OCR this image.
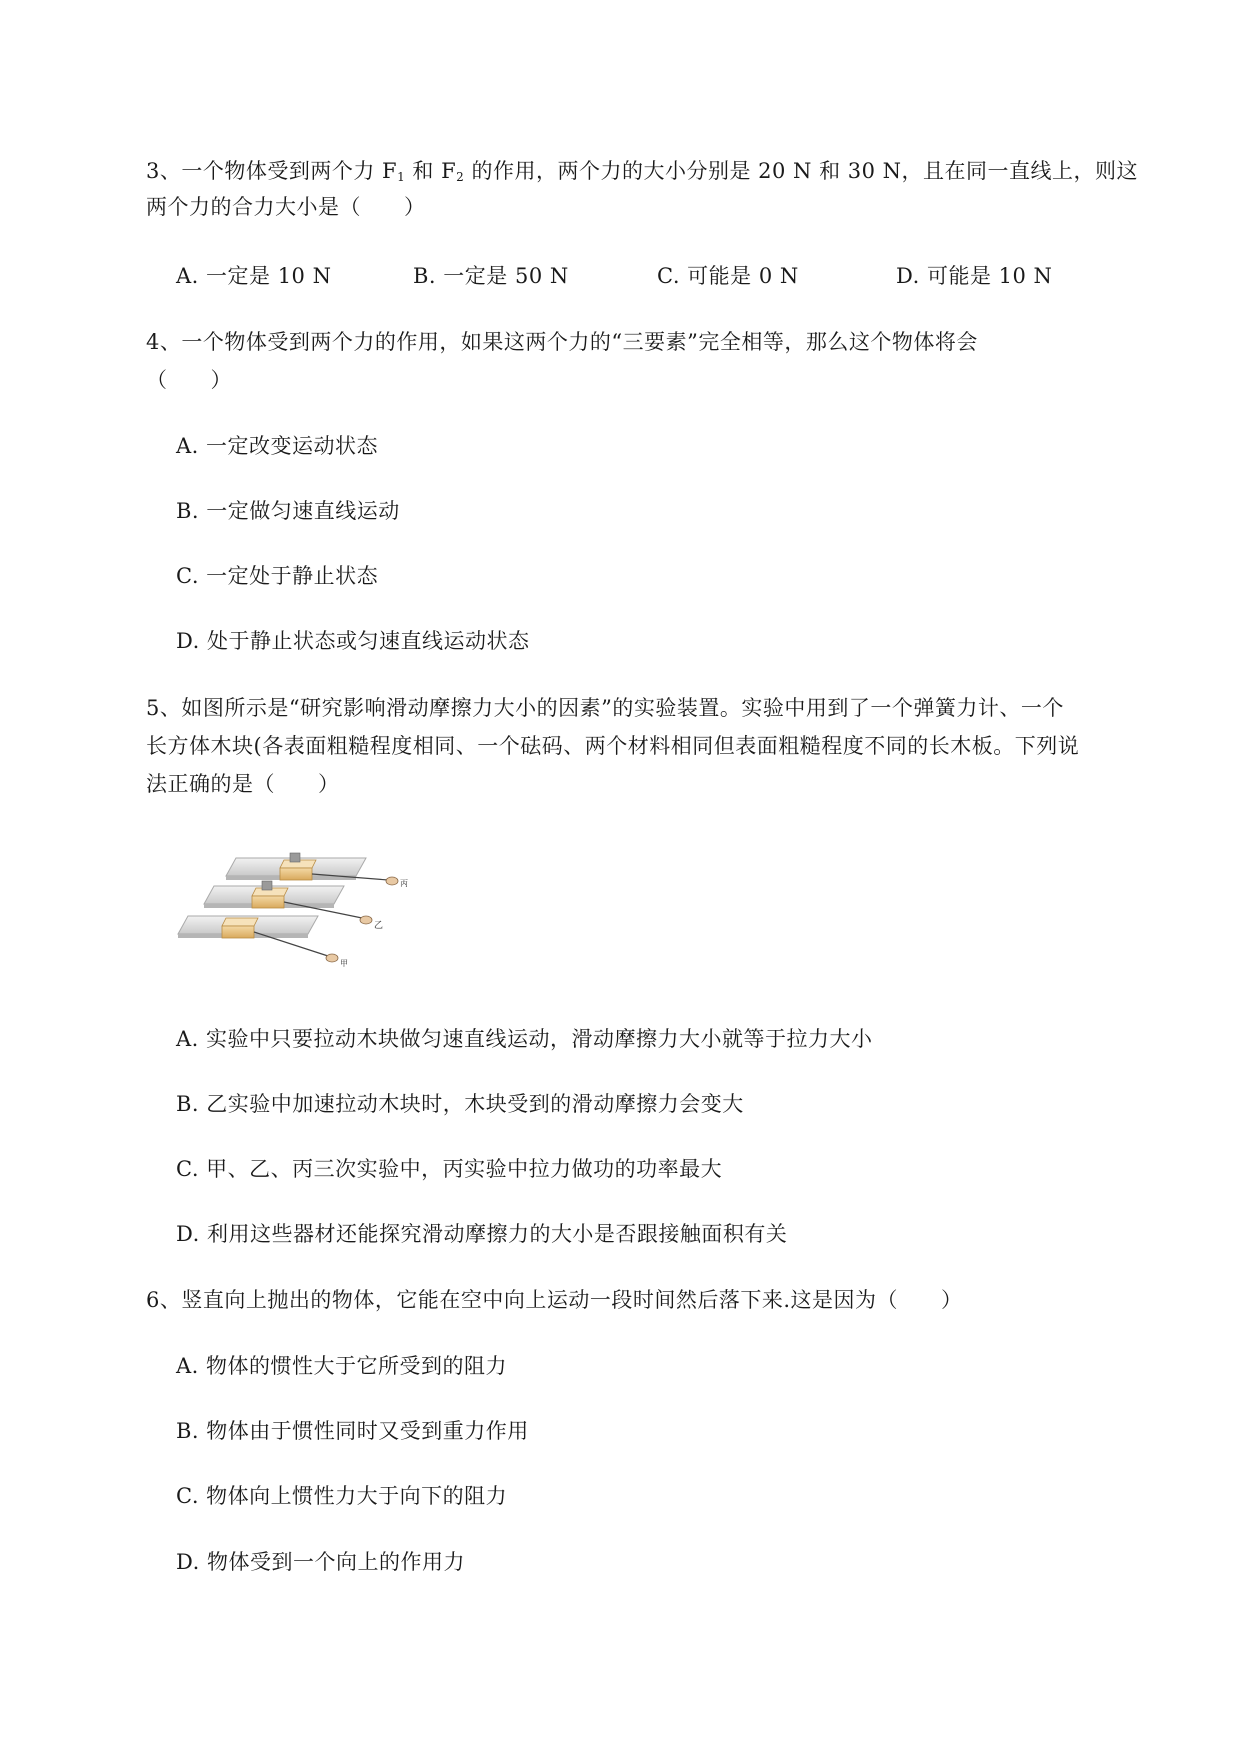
3、一个物体受到两个力 $F_1$ 和 $F_2$ 的作用，两个力的大小分别是 20 N 和 30 N，且在同一直线上，则这
两个力的合力大小是（　　）
A. 一定是 10 N	B. 一定是 50 N	C. 可能是 0 N	D. 可能是 10 N
4、一个物体受到两个力的作用，如果这两个力的“三要素”完全相等，那么这个物体将会
（　　）
A. 一定改变运动状态
B. 一定做匀速直线运动
C. 一定处于静止状态
D. 处于静止状态或匀速直线运动状态
5、如图所示是“研究影响滑动摩擦力大小的因素”的实验装置。实验中用到了一个弹簧力计、一个
长方体木块(各表面粗糙程度相同、一个砝码、两个材料相同但表面粗糙程度不同的长木板。下列说
法正确的是（　　）
丙
乙
甲
A. 实验中只要拉动木块做匀速直线运动，滑动摩擦力大小就等于拉力大小
B. 乙实验中加速拉动木块时，木块受到的滑动摩擦力会变大
C. 甲、乙、丙三次实验中，丙实验中拉力做功的功率最大
D. 利用这些器材还能探究滑动摩擦力的大小是否跟接触面积有关
6、竖直向上抛出的物体，它能在空中向上运动一段时间然后落下来.这是因为（　　）
A. 物体的惯性大于它所受到的阻力
B. 物体由于惯性同时又受到重力作用
C. 物体向上惯性力大于向下的阻力
D. 物体受到一个向上的作用力
